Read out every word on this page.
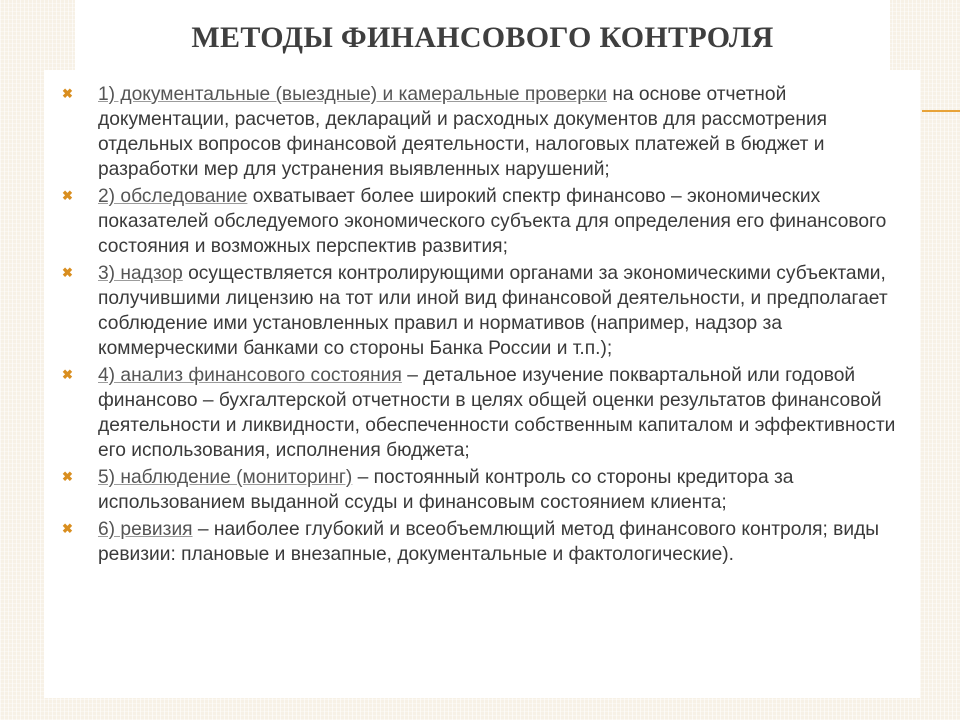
МЕТОДЫ ФИНАНСОВОГО КОНТРОЛЯ
✖ 1) документальные (выездные) и камеральные проверки на основе отчетной документации, расчетов, деклараций и расходных документов для рассмотрения отдельных вопросов финансовой деятельности, налоговых платежей в бюджет и разработки мер для устранения выявленных нарушений;
✖ 2) обследование охватывает более широкий спектр финансово – экономических показателей обследуемого экономического субъекта для определения его финансового состояния и возможных перспектив развития;
✖ 3) надзор осуществляется контролирующими органами за экономическими субъектами, получившими лицензию на тот или иной вид финансовой деятельности, и предполагает соблюдение ими установленных правил и нормативов (например, надзор за коммерческими банками со стороны Банка России и т.п.);
✖ 4) анализ финансового состояния – детальное изучение поквартальной или годовой финансово – бухгалтерской отчетности в целях общей оценки результатов финансовой деятельности и ликвидности, обеспеченности собственным капиталом и эффективности его использования, исполнения бюджета;
✖ 5) наблюдение (мониторинг) – постоянный контроль со стороны кредитора за использованием выданной ссуды и финансовым состоянием клиента;
✖ 6) ревизия – наиболее глубокий и всеобъемлющий метод финансового контроля; виды ревизии: плановые и внезапные, документальные и фактологические).
